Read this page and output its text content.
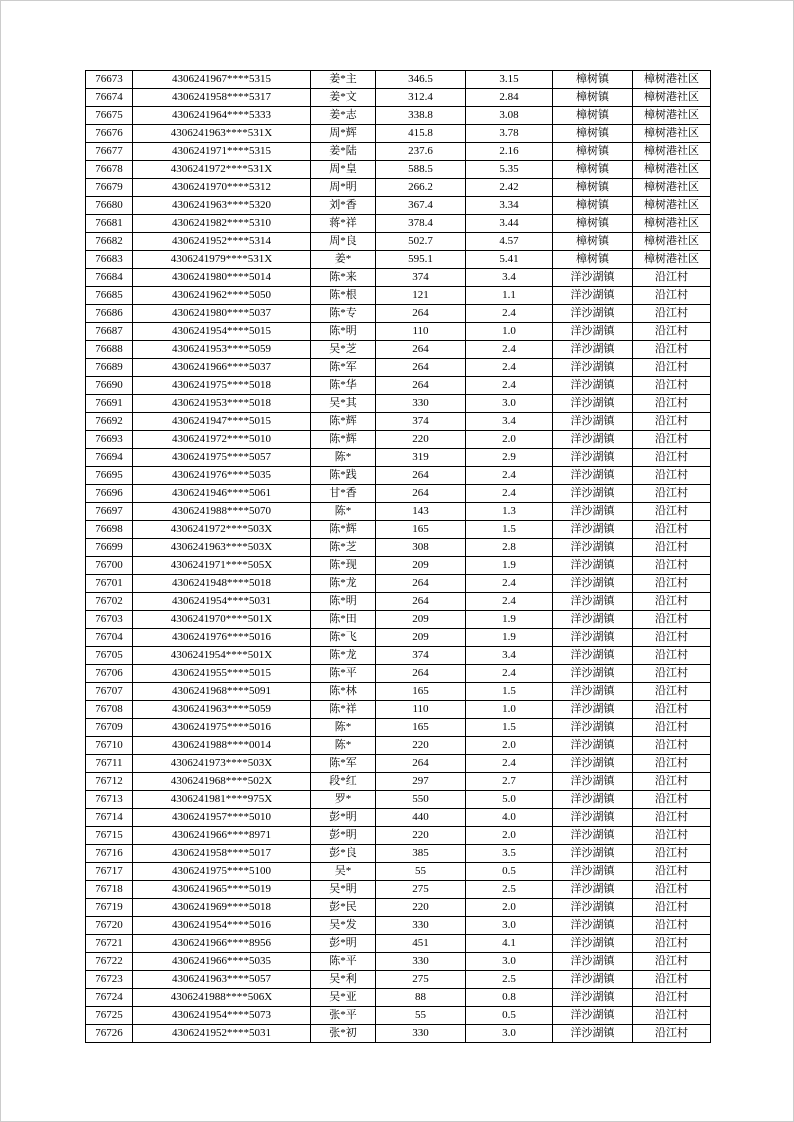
76673	4306241967****5315	姜*主	346.5	3.15	樟树镇	樟树港社区
76674	4306241958****5317	姜*文	312.4	2.84	樟树镇	樟树港社区
76675	4306241964****5333	姜*志	338.8	3.08	樟树镇	樟树港社区
76676	4306241963****531X	周*辉	415.8	3.78	樟树镇	樟树港社区
76677	4306241971****5315	姜*陆	237.6	2.16	樟树镇	樟树港社区
76678	4306241972****531X	周*皇	588.5	5.35	樟树镇	樟树港社区
76679	4306241970****5312	周*明	266.2	2.42	樟树镇	樟树港社区
76680	4306241963****5320	刘*香	367.4	3.34	樟树镇	樟树港社区
76681	4306241982****5310	蒋*祥	378.4	3.44	樟树镇	樟树港社区
76682	4306241952****5314	周*良	502.7	4.57	樟树镇	樟树港社区
76683	4306241979****531X	姜*	595.1	5.41	樟树镇	樟树港社区
76684	4306241980****5014	陈*来	374	3.4	洋沙湖镇	沿江村
76685	4306241962****5050	陈*根	121	1.1	洋沙湖镇	沿江村
76686	4306241980****5037	陈*专	264	2.4	洋沙湖镇	沿江村
76687	4306241954****5015	陈*明	110	1.0	洋沙湖镇	沿江村
76688	4306241953****5059	吴*芝	264	2.4	洋沙湖镇	沿江村
76689	4306241966****5037	陈*军	264	2.4	洋沙湖镇	沿江村
76690	4306241975****5018	陈*华	264	2.4	洋沙湖镇	沿江村
76691	4306241953****5018	吴*其	330	3.0	洋沙湖镇	沿江村
76692	4306241947****5015	陈*辉	374	3.4	洋沙湖镇	沿江村
76693	4306241972****5010	陈*辉	220	2.0	洋沙湖镇	沿江村
76694	4306241975****5057	陈*	319	2.9	洋沙湖镇	沿江村
76695	4306241976****5035	陈*践	264	2.4	洋沙湖镇	沿江村
76696	4306241946****5061	甘*香	264	2.4	洋沙湖镇	沿江村
76697	4306241988****5070	陈*	143	1.3	洋沙湖镇	沿江村
76698	4306241972****503X	陈*辉	165	1.5	洋沙湖镇	沿江村
76699	4306241963****503X	陈*芝	308	2.8	洋沙湖镇	沿江村
76700	4306241971****505X	陈*现	209	1.9	洋沙湖镇	沿江村
76701	4306241948****5018	陈*龙	264	2.4	洋沙湖镇	沿江村
76702	4306241954****5031	陈*明	264	2.4	洋沙湖镇	沿江村
76703	4306241970****501X	陈*田	209	1.9	洋沙湖镇	沿江村
76704	4306241976****5016	陈*飞	209	1.9	洋沙湖镇	沿江村
76705	4306241954****501X	陈*龙	374	3.4	洋沙湖镇	沿江村
76706	4306241955****5015	陈*平	264	2.4	洋沙湖镇	沿江村
76707	4306241968****5091	陈*林	165	1.5	洋沙湖镇	沿江村
76708	4306241963****5059	陈*祥	110	1.0	洋沙湖镇	沿江村
76709	4306241975****5016	陈*	165	1.5	洋沙湖镇	沿江村
76710	4306241988****0014	陈*	220	2.0	洋沙湖镇	沿江村
76711	4306241973****503X	陈*军	264	2.4	洋沙湖镇	沿江村
76712	4306241968****502X	段*红	297	2.7	洋沙湖镇	沿江村
76713	4306241981****975X	罗*	550	5.0	洋沙湖镇	沿江村
76714	4306241957****5010	彭*明	440	4.0	洋沙湖镇	沿江村
76715	4306241966****8971	彭*明	220	2.0	洋沙湖镇	沿江村
76716	4306241958****5017	彭*良	385	3.5	洋沙湖镇	沿江村
76717	4306241975****5100	吴*	55	0.5	洋沙湖镇	沿江村
76718	4306241965****5019	吴*明	275	2.5	洋沙湖镇	沿江村
76719	4306241969****5018	彭*民	220	2.0	洋沙湖镇	沿江村
76720	4306241954****5016	吴*发	330	3.0	洋沙湖镇	沿江村
76721	4306241966****8956	彭*明	451	4.1	洋沙湖镇	沿江村
76722	4306241966****5035	陈*平	330	3.0	洋沙湖镇	沿江村
76723	4306241963****5057	吴*利	275	2.5	洋沙湖镇	沿江村
76724	4306241988****506X	吴*亚	88	0.8	洋沙湖镇	沿江村
76725	4306241954****5073	张*平	55	0.5	洋沙湖镇	沿江村
76726	4306241952****5031	张*初	330	3.0	洋沙湖镇	沿江村
